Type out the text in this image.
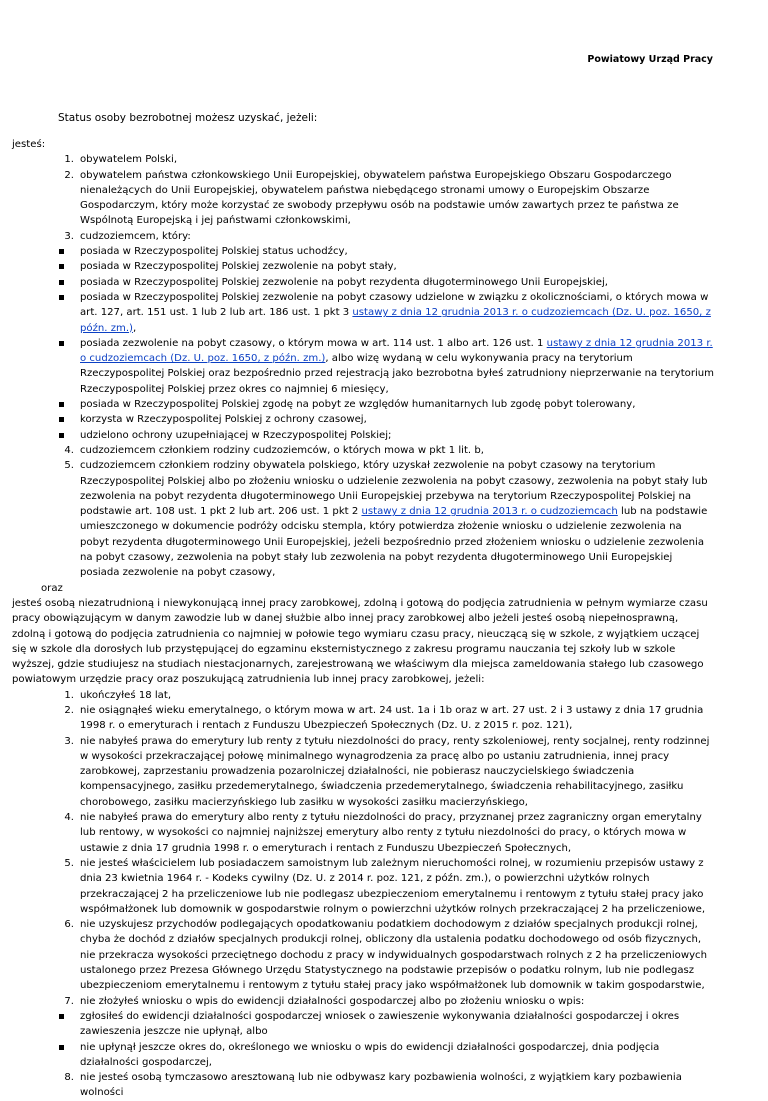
Powiatowy Urząd Pracy
Status osoby bezrobotnej możesz uzyskać, jeżeli:
jesteś:
1. obywatelem Polski,
2. obywatelem państwa członkowskiego Unii Europejskiej, obywatelem państwa Europejskiego Obszaru Gospodarczego nienależących do Unii Europejskiej, obywatelem państwa niebędącego stronami umowy o Europejskim Obszarze Gospodarczym, który może korzystać ze swobody przepływu osób na podstawie umów zawartych przez te państwa ze Wspólnotą Europejską i jej państwami członkowskimi,
3. cudzoziemcem, który:
posiada w Rzeczypospolitej Polskiej status uchodźcy,
posiada w Rzeczypospolitej Polskiej zezwolenie na pobyt stały,
posiada w Rzeczypospolitej Polskiej zezwolenie na pobyt rezydenta długoterminowego Unii Europejskiej,
posiada w Rzeczypospolitej Polskiej zezwolenie na pobyt czasowy udzielone w związku z okolicznościami, o których mowa w art. 127, art. 151 ust. 1 lub 2 lub art. 186 ust. 1 pkt 3 ustawy z dnia 12 grudnia 2013 r. o cudzoziemcach (Dz. U. poz. 1650, z późn. zm.),
posiada zezwolenie na pobyt czasowy, o którym mowa w art. 114 ust. 1 albo art. 126 ust. 1 ustawy z dnia 12 grudnia 2013 r. o cudzoziemcach (Dz. U. poz. 1650, z późn. zm.), albo wizę wydaną w celu wykonywania pracy na terytorium Rzeczypospolitej Polskiej oraz bezpośrednio przed rejestracją jako bezrobotna byłeś zatrudniony nieprzerwanie na terytorium Rzeczypospolitej Polskiej przez okres co najmniej 6 miesięcy,
posiada w Rzeczypospolitej Polskiej zgodę na pobyt ze względów humanitarnych lub zgodę pobyt tolerowany,
korzysta w Rzeczypospolitej Polskiej z ochrony czasowej,
udzielono ochrony uzupełniającej w Rzeczypospolitej Polskiej;
4. cudzoziemcem członkiem rodziny cudzoziemców, o których mowa w pkt 1 lit. b,
5. cudzoziemcem członkiem rodziny obywatela polskiego, który uzyskał zezwolenie na pobyt czasowy na terytorium Rzeczypospolitej Polskiej albo po złożeniu wniosku o udzielenie zezwolenia na pobyt czasowy, zezwolenia na pobyt stały lub zezwolenia na pobyt rezydenta długoterminowego Unii Europejskiej przebywa na terytorium Rzeczypospolitej Polskiej na podstawie art. 108 ust. 1 pkt 2 lub art. 206 ust. 1 pkt 2 ustawy z dnia 12 grudnia 2013 r. o cudzoziemcach lub na podstawie umieszczonego w dokumencie podróży odcisku stempla, który potwierdza złożenie wniosku o udzielenie zezwolenia na pobyt rezydenta długoterminowego Unii Europejskiej, jeżeli bezpośrednio przed złożeniem wniosku o udzielenie zezwolenia na pobyt czasowy, zezwolenia na pobyt stały lub zezwolenia na pobyt rezydenta długoterminowego Unii Europejskiej posiada zezwolenie na pobyt czasowy,
oraz
jesteś osobą niezatrudnioną i niewykonującą innej pracy zarobkowej, zdolną i gotową do podjęcia zatrudnienia w pełnym wymiarze czasu pracy obowiązującym w danym zawodzie lub w danej służbie albo innej pracy zarobkowej albo jeżeli jesteś osobą niepełnosprawną, zdolną i gotową do podjęcia zatrudnienia co najmniej w połowie tego wymiaru czasu pracy, nieuczącą się w szkole, z wyjątkiem uczącej się w szkole dla dorosłych lub przystępującej do egzaminu eksternistycznego z zakresu programu nauczania tej szkoły lub w szkole wyższej, gdzie studiujesz na studiach niestacjonarnych, zarejestrowaną we właściwym dla miejsca zameldowania stałego lub czasowego powiatowym urzędzie pracy oraz poszukującą zatrudnienia lub innej pracy zarobkowej, jeżeli:
1. ukończyłeś 18 lat,
2. nie osiągnąłeś wieku emerytalnego, o którym mowa w art. 24 ust. 1a i 1b oraz w art. 27 ust. 2 i 3 ustawy z dnia 17 grudnia 1998 r. o emeryturach i rentach z Funduszu Ubezpieczeń Społecznych (Dz. U. z 2015 r. poz. 121),
3. nie nabyłeś prawa do emerytury lub renty z tytułu niezdolności do pracy, renty szkoleniowej, renty socjalnej, renty rodzinnej w wysokości przekraczającej połowę minimalnego wynagrodzenia za pracę albo po ustaniu zatrudnienia, innej pracy zarobkowej, zaprzestaniu prowadzenia pozarolniczej działalności, nie pobierasz nauczycielskiego świadczenia kompensacyjnego, zasiłku przedemerytalnego, świadczenia przedemerytalnego, świadczenia rehabilitacyjnego, zasiłku chorobowego, zasiłku macierzyńskiego lub zasiłku w wysokości zasiłku macierzyńskiego,
4. nie nabyłeś prawa do emerytury albo renty z tytułu niezdolności do pracy, przyznanej przez zagraniczny organ emerytalny lub rentowy, w wysokości co najmniej najniższej emerytury albo renty z tytułu niezdolności do pracy, o których mowa w ustawie z dnia 17 grudnia 1998 r. o emeryturach i rentach z Funduszu Ubezpieczeń Społecznych,
5. nie jesteś właścicielem lub posiadaczem samoistnym lub zależnym nieruchomości rolnej, w rozumieniu przepisów ustawy z dnia 23 kwietnia 1964 r. - Kodeks cywilny (Dz. U. z 2014 r. poz. 121, z późn. zm.), o powierzchni użytków rolnych przekraczającej 2 ha przeliczeniowe lub nie podlegasz ubezpieczeniom emerytalnemu i rentowym z tytułu stałej pracy jako współmałżonek lub domownik w gospodarstwie rolnym o powierzchni użytków rolnych przekraczającej 2 ha przeliczeniowe,
6. nie uzyskujesz przychodów podlegających opodatkowaniu podatkiem dochodowym z działów specjalnych produkcji rolnej, chyba że dochód z działów specjalnych produkcji rolnej, obliczony dla ustalenia podatku dochodowego od osób fizycznych, nie przekracza wysokości przeciętnego dochodu z pracy w indywidualnych gospodarstwach rolnych z 2 ha przeliczeniowych ustalonego przez Prezesa Głównego Urzędu Statystycznego na podstawie przepisów o podatku rolnym, lub nie podlegasz ubezpieczeniom emerytalnemu i rentowym z tytułu stałej pracy jako współmałżonek lub domownik w takim gospodarstwie,
7. nie złożyłeś wniosku o wpis do ewidencji działalności gospodarczej albo po złożeniu wniosku o wpis:
zgłosiłeś do ewidencji działalności gospodarczej wniosek o zawieszenie wykonywania działalności gospodarczej i okres zawieszenia jeszcze nie upłynął, albo
nie upłynął jeszcze okres do, określonego we wniosku o wpis do ewidencji działalności gospodarczej, dnia podjęcia działalności gospodarczej,
8. nie jesteś osobą tymczasowo aresztowaną lub nie odbywasz kary pozbawienia wolności, z wyjątkiem kary pozbawienia wolności
